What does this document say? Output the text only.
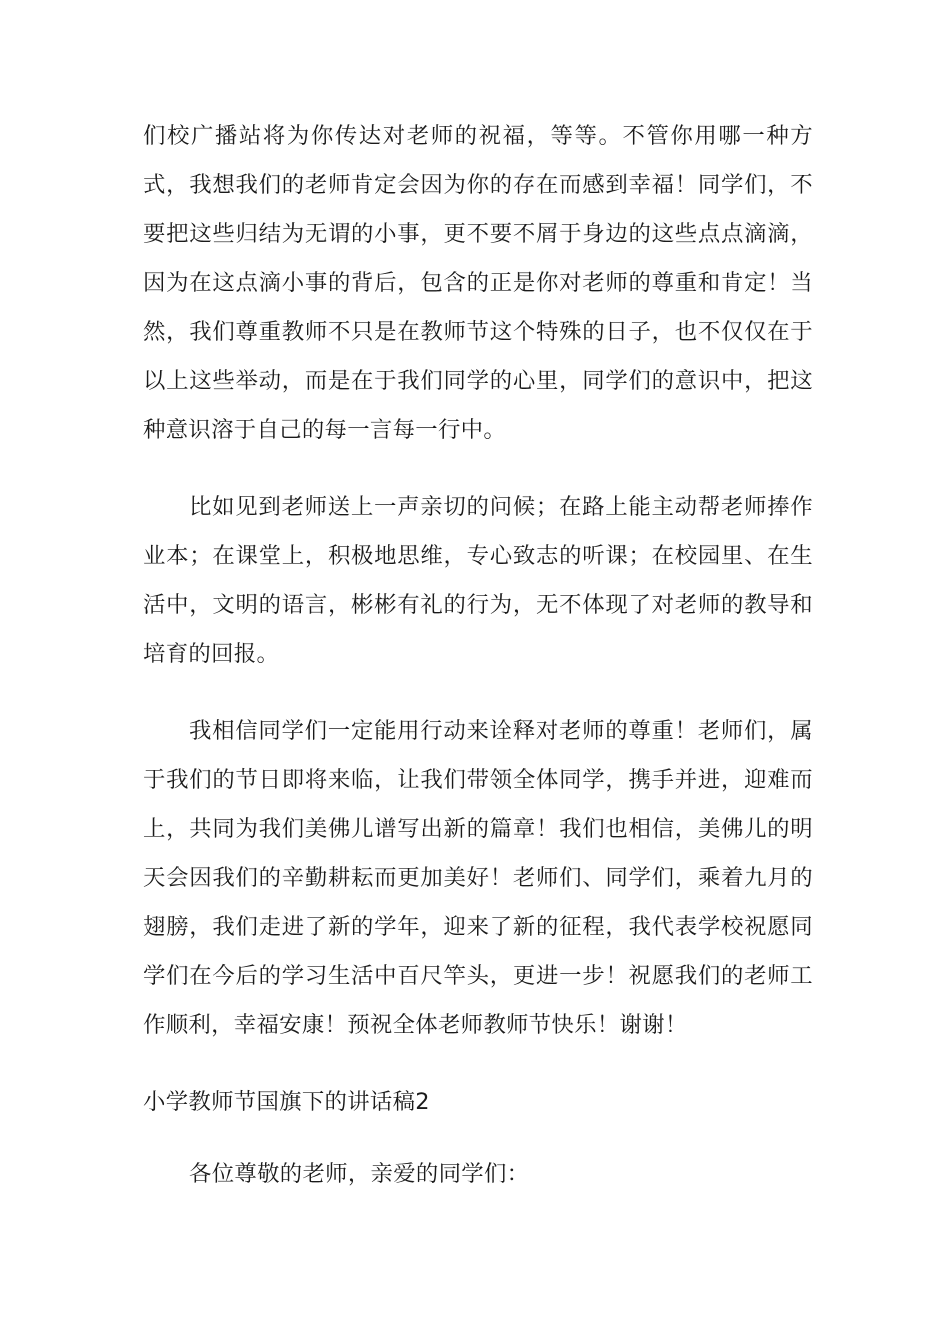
们校广播站将为你传达对老师的祝福，等等。不管你用哪一种方式，我想我们的老师肯定会因为你的存在而感到幸福！同学们，不要把这些归结为无谓的小事，更不要不屑于身边的这些点点滴滴，因为在这点滴小事的背后，包含的正是你对老师的尊重和肯定！当然，我们尊重教师不只是在教师节这个特殊的日子，也不仅仅在于以上这些举动，而是在于我们同学的心里，同学们的意识中，把这种意识溶于自己的每一言每一行中。

比如见到老师送上一声亲切的问候；在路上能主动帮老师捧作业本；在课堂上，积极地思维，专心致志的听课；在校园里、在生活中，文明的语言，彬彬有礼的行为，无不体现了对老师的教导和培育的回报。

我相信同学们一定能用行动来诠释对老师的尊重！老师们，属于我们的节日即将来临，让我们带领全体同学，携手并进，迎难而上，共同为我们美佛儿谱写出新的篇章！我们也相信，美佛儿的明天会因我们的辛勤耕耘而更加美好！老师们、同学们，乘着九月的翅膀，我们走进了新的学年，迎来了新的征程，我代表学校祝愿同学们在今后的学习生活中百尺竿头，更进一步！祝愿我们的老师工作顺利，幸福安康！预祝全体老师教师节快乐！谢谢！

小学教师节国旗下的讲话稿2

各位尊敬的老师，亲爱的同学们：
